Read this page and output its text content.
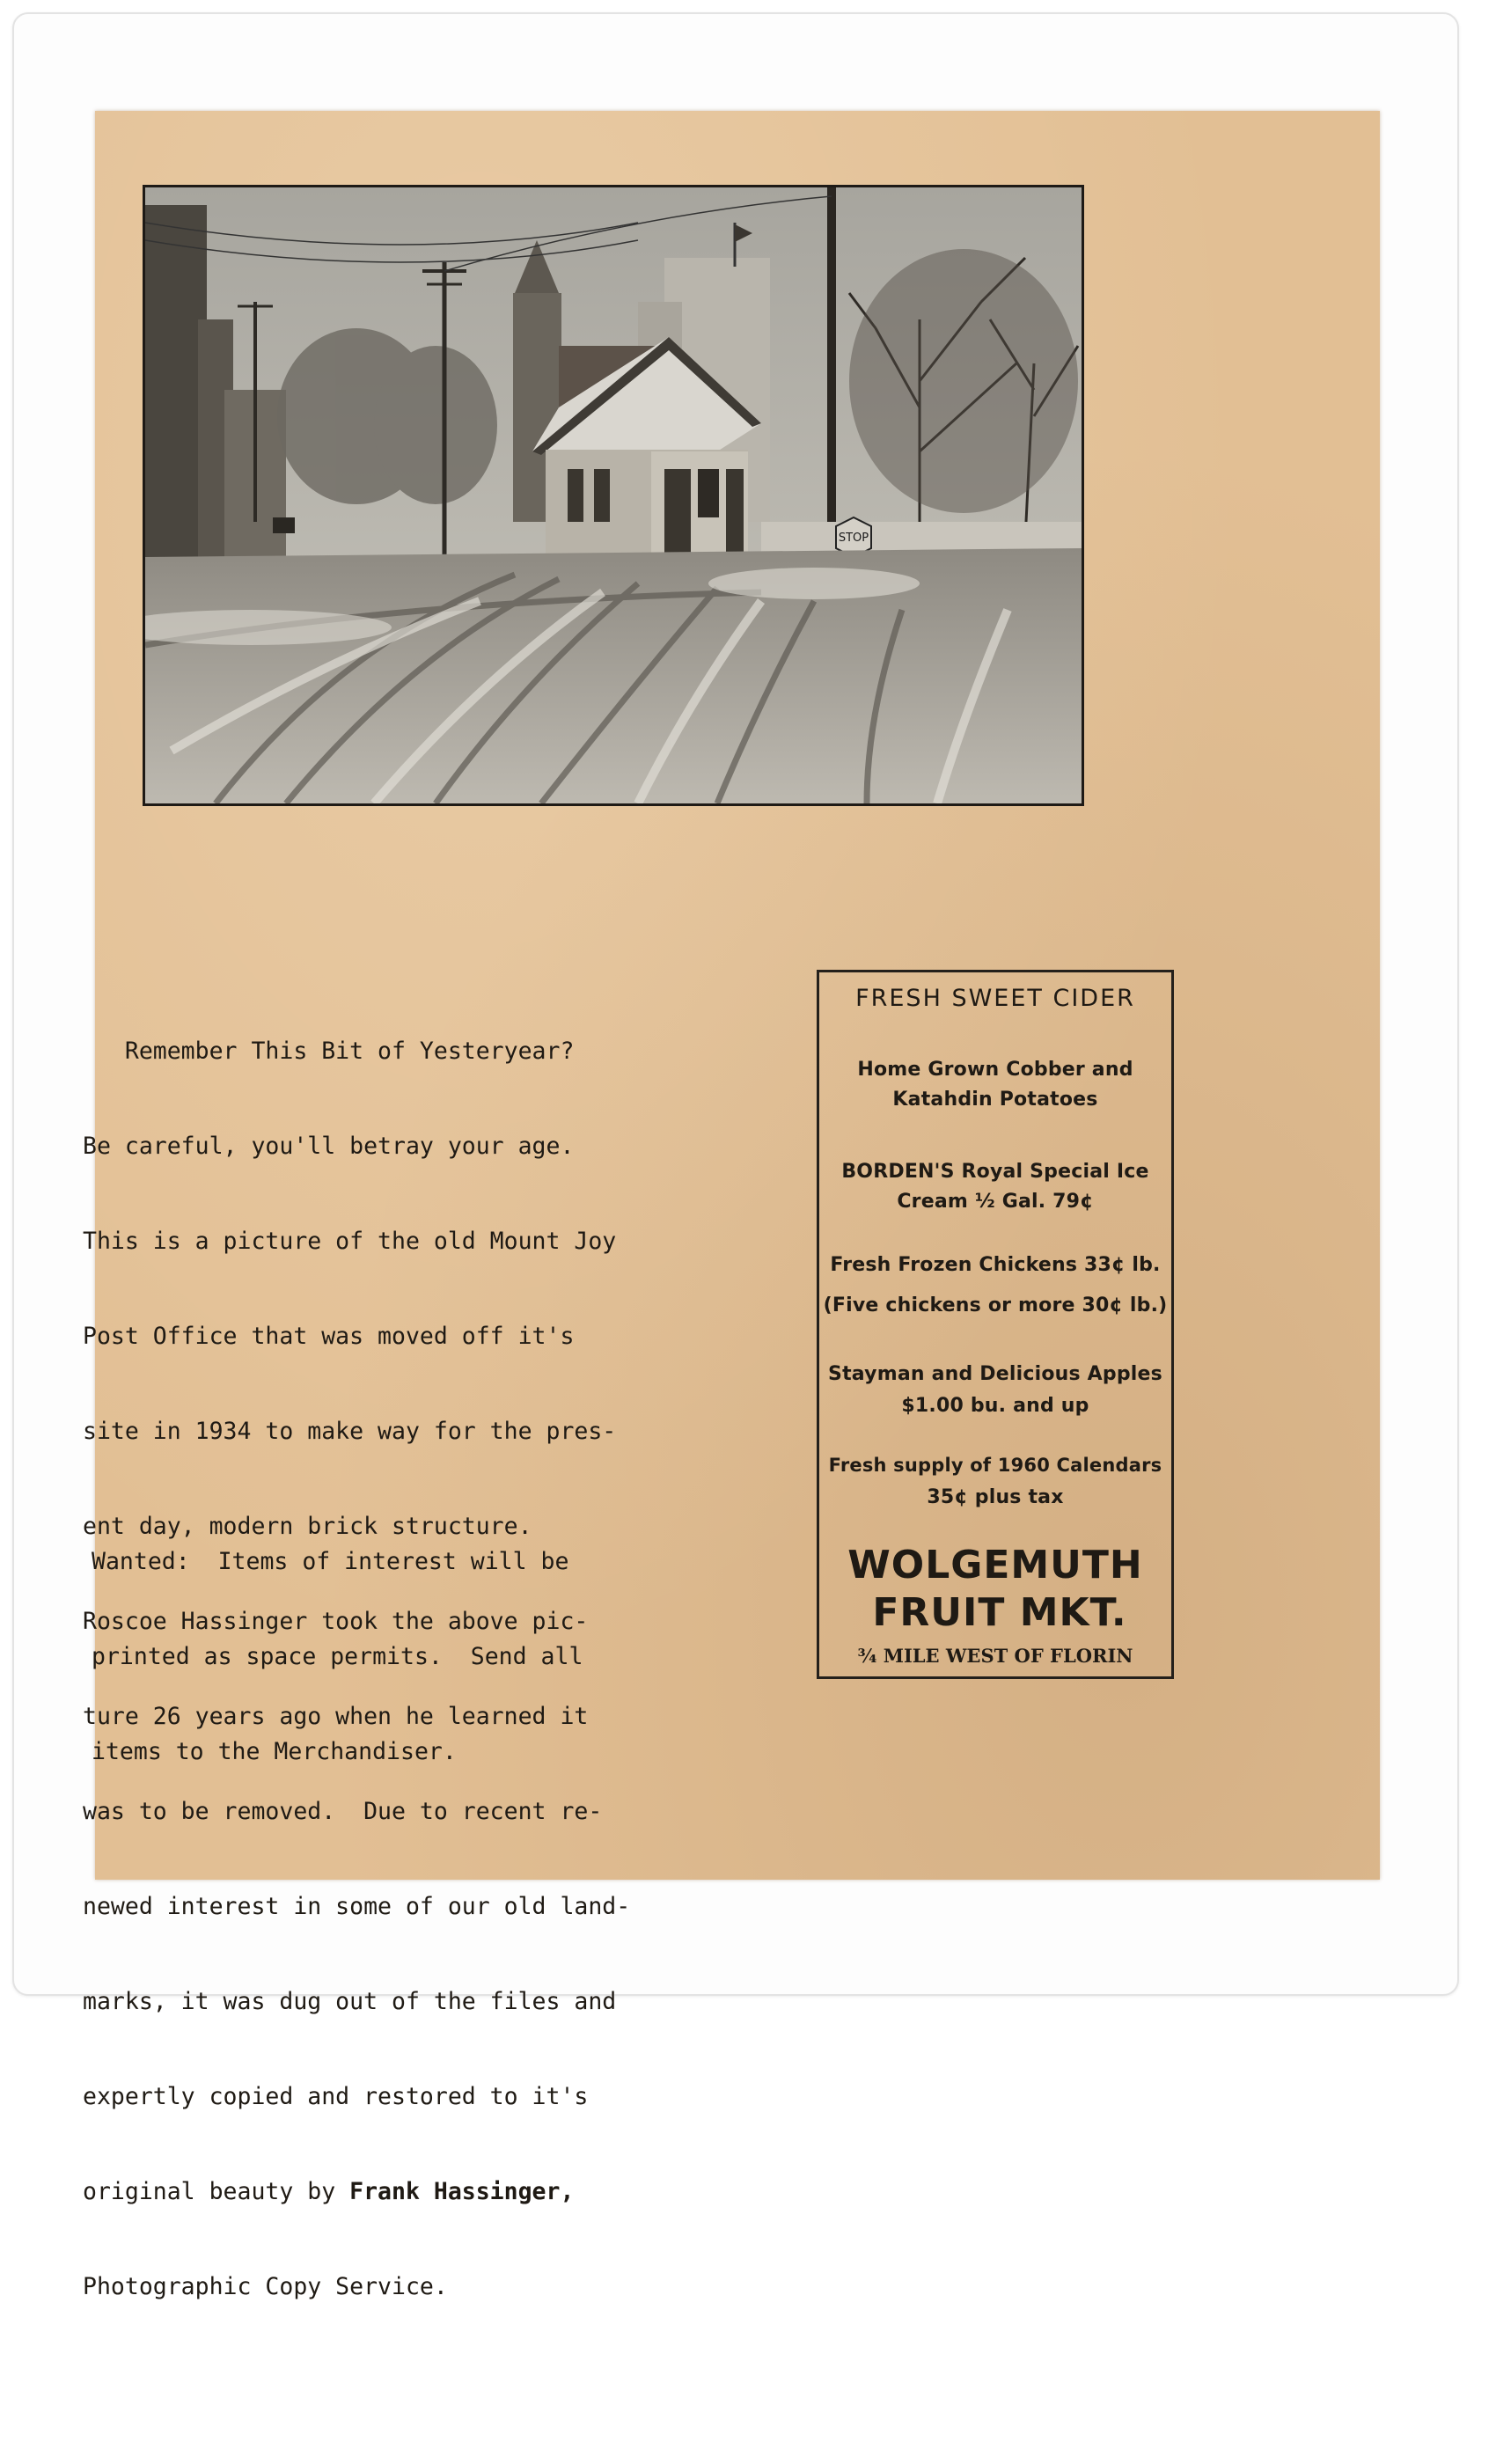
STOP

Remember This Bit of Yesteryear?

Be careful, you'll betray your age.

This is a picture of the old Mount Joy

Post Office that was moved off it's

site in 1934 to make way for the pres-

ent day, modern brick structure.

Roscoe Hassinger took the above pic-

ture 26 years ago when he learned it

was to be removed.  Due to recent re-

newed interest in some of our old land-

marks, it was dug out of the files and

expertly copied and restored to it's

original beauty by Frank Hassinger,

Photographic Copy Service.

Wanted:  Items of interest will be

printed as space permits.  Send all

items to the Merchandiser.

FRESH SWEET CIDER
Home Grown Cobber and
Katahdin Potatoes
BORDEN'S Royal Special Ice
Cream ½ Gal. 79¢
Fresh Frozen Chickens 33¢ lb.
(Five chickens or more 30¢ lb.)
Stayman and Delicious Apples
$1.00 bu. and up
Fresh supply of 1960 Calendars
35¢ plus tax
WOLGEMUTH
FRUIT MKT.
¾ MILE WEST OF FLORIN
